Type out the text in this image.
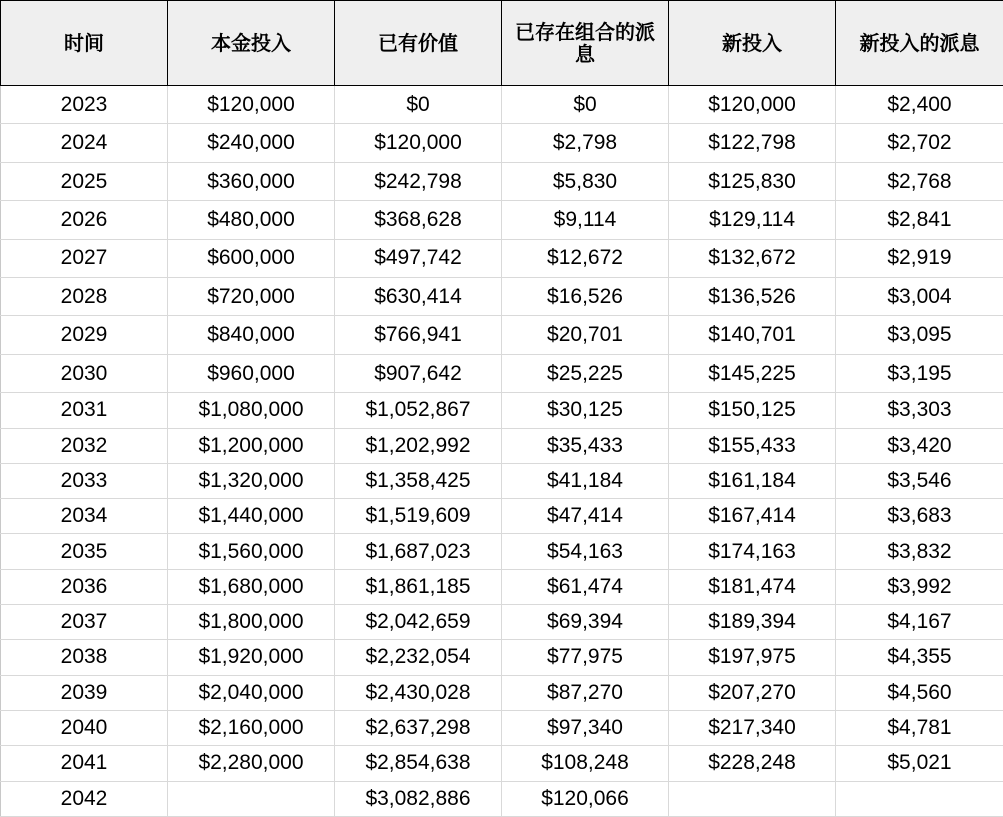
时间	本金投入	已有价值	已存在组合的派息	新投入	新投入的派息
2023	$120,000	$0	$0	$120,000	$2,400
2024	$240,000	$120,000	$2,798	$122,798	$2,702
2025	$360,000	$242,798	$5,830	$125,830	$2,768
2026	$480,000	$368,628	$9,114	$129,114	$2,841
2027	$600,000	$497,742	$12,672	$132,672	$2,919
2028	$720,000	$630,414	$16,526	$136,526	$3,004
2029	$840,000	$766,941	$20,701	$140,701	$3,095
2030	$960,000	$907,642	$25,225	$145,225	$3,195
2031	$1,080,000	$1,052,867	$30,125	$150,125	$3,303
2032	$1,200,000	$1,202,992	$35,433	$155,433	$3,420
2033	$1,320,000	$1,358,425	$41,184	$161,184	$3,546
2034	$1,440,000	$1,519,609	$47,414	$167,414	$3,683
2035	$1,560,000	$1,687,023	$54,163	$174,163	$3,832
2036	$1,680,000	$1,861,185	$61,474	$181,474	$3,992
2037	$1,800,000	$2,042,659	$69,394	$189,394	$4,167
2038	$1,920,000	$2,232,054	$77,975	$197,975	$4,355
2039	$2,040,000	$2,430,028	$87,270	$207,270	$4,560
2040	$2,160,000	$2,637,298	$97,340	$217,340	$4,781
2041	$2,280,000	$2,854,638	$108,248	$228,248	$5,021
2042		$3,082,886	$120,066		
